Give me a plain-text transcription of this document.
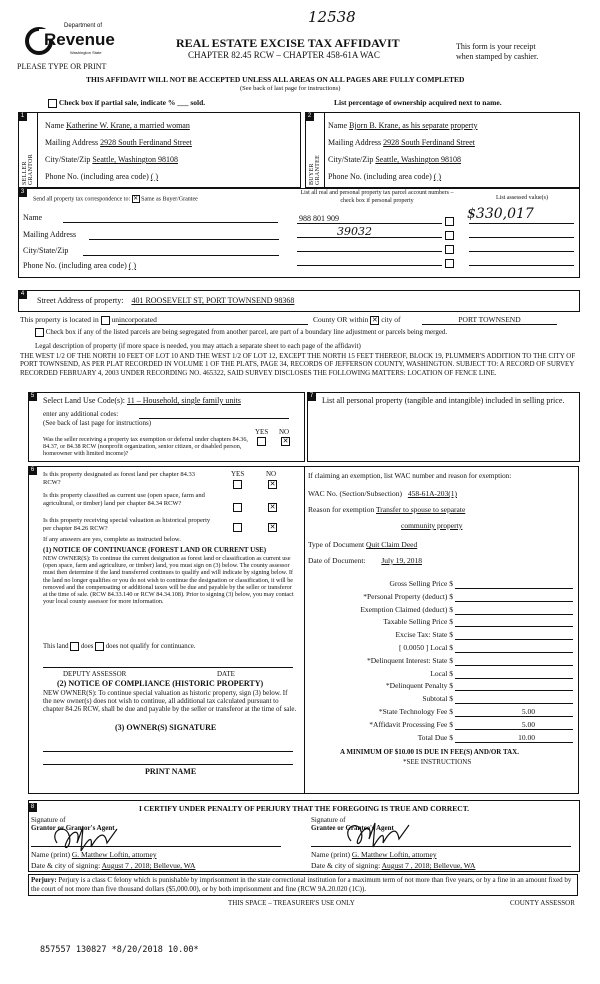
12538
Department of
Revenue
Washington State
PLEASE TYPE OR PRINT
REAL ESTATE EXCISE TAX AFFIDAVIT
CHAPTER 82.45 RCW – CHAPTER 458-61A WAC
This form is your receipt
when stamped by cashier.
THIS AFFIDAVIT WILL NOT BE ACCEPTED UNLESS ALL AREAS ON ALL PAGES ARE FULLY COMPLETED
(See back of last page for instructions)
Check box if partial sale, indicate % ___ sold.	List percentage of ownership acquired next to name.
1
SELLER GRANTOR
Name Katherine W. Krane, a married woman
Mailing Address 2928 South Ferdinand Street
City/State/Zip Seattle, Washington 98108
Phone No. (including area code) ( )
2
BUYER GRANTEE
Name Bjorn B. Krane, as his separate property
Mailing Address 2928 South Ferdinand Street
City/State/Zip Seattle, Washington 98108
Phone No. (including area code) ( )
3
Send all property tax correspondence to: ✕ Same as Buyer/Grantee
Name
Mailing Address
City/State/Zip
Phone No. (including area code) ( )
List all real and personal property tax parcel account numbers – check box if personal property	List assessed value(s)
988 801 909
39032
$330,017
4
Street Address of property: 401 ROOSEVELT ST, PORT TOWNSEND 98368
This property is located in unincorporated	County OR within ✕ city of	PORT TOWNSEND
Check box if any of the listed parcels are being segregated from another parcel, are part of a boundary line adjustment or parcels being merged.
Legal description of property (if more space is needed, you may attach a separate sheet to each page of the affidavit)
THE WEST 1/2 OF THE NORTH 10 FEET OF LOT 10 AND THE WEST 1/2 OF LOT 12, EXCEPT THE NORTH 15 FEET THEREOF, BLOCK 19, PLUMMER'S ADDITION TO THE CITY OF PORT TOWNSEND, AS PER PLAT RECORDED IN VOLUME 1 OF THE PLATS, PAGE 34, RECORDS OF JEFFERSON COUNTY, WASHINGTON. SUBJECT TO: A RECORD OF SURVEY RECORDED FEBRUARY 4, 2003 UNDER RECORDING NO. 465322, SAID SURVEY DISCLOSES THE FOLLOWING MATTERS: LOCATION OF FENCE LINE.
5	Select Land Use Code(s): 11 – Household, single family units
enter any additional codes:
(See back of last page for instructions)
YES NO
Was the seller receiving a property tax exemption or deferral under chapters 84.36, 84.37, or 84.38 RCW (nonprofit organization, senior citizen, or disabled person, homeowner with limited income)?
✕
7	List all personal property (tangible and intangible) included in selling price.
6	YES	NO
Is this property designated as forest land per chapter 84.33 RCW?	✕
Is this property classified as current use (open space, farm and agricultural, or timber) land per chapter 84.34 RCW?	✕
Is this property receiving special valuation as historical property per chapter 84.26 RCW?	✕
If any answers are yes, complete as instructed below.
(1) NOTICE OF CONTINUANCE (FOREST LAND OR CURRENT USE)
NEW OWNER(S): To continue the current designation as forest land or classification as current use (open space, farm and agriculture, or timber) land, you must sign on (3) below. The county assessor must then determine if the land transferred continues to qualify and will indicate by signing below. If the land no longer qualifies or you do not wish to continue the designation or classification, it will be removed and the compensating or additional taxes will be due and payable by the seller or transferor at the time of sale. (RCW 84.33.140 or RCW 84.34.108). Prior to signing (3) below, you may contact your local county assessor for more information.
This land does does not qualify for continuance.
DEPUTY ASSESSOR	DATE
(2) NOTICE OF COMPLIANCE (HISTORIC PROPERTY)
NEW OWNER(S): To continue special valuation as historic property, sign (3) below. If the new owner(s) does not wish to continue, all additional tax calculated pursuant to chapter 84.26 RCW, shall be due and payable by the seller or transferor at the time of sale.
(3) OWNER(S) SIGNATURE
PRINT NAME
If claiming an exemption, list WAC number and reason for exemption:
WAC No. (Section/Subsection) 458-61A-203(1)
Reason for exemption Transfer to spouse to separate
community property
Type of Document Quit Claim Deed
Date of Document: July 19, 2018
Gross Selling Price $
*Personal Property (deduct) $
Exemption Claimed (deduct) $
Taxable Selling Price $
Excise Tax: State $
[ 0.0050 ] Local $
*Delinquent Interest: State $
Local $
*Delinquent Penalty $
Subtotal $
*State Technology Fee $	5.00
*Affidavit Processing Fee $	5.00
Total Due $	10.00
A MINIMUM OF $10.00 IS DUE IN FEE(S) AND/OR TAX.
*SEE INSTRUCTIONS
8	I CERTIFY UNDER PENALTY OF PERJURY THAT THE FOREGOING IS TRUE AND CORRECT.
Signature of
Grantor or Grantor's Agent
Name (print) G. Matthew Loftin, attorney
Date & city of signing: August 7 , 2018; Bellevue, WA
Signature of
Grantee or Grantee's Agent
Name (print) G. Matthew Loftin, attorney
Date & city of signing: August 7 , 2018; Bellevue, WA
Perjury: Perjury is a class C felony which is punishable by imprisonment in the state correctional institution for a maximum term of not more than five years, or by a fine in an amount fixed by the court of not more than five thousand dollars ($5,000.00), or by both imprisonment and fine (RCW 9A.20.020 (1C)).
THIS SPACE – TREASURER'S USE ONLY	COUNTY ASSESSOR
857557 130827 *8/20/2018 10.00*
